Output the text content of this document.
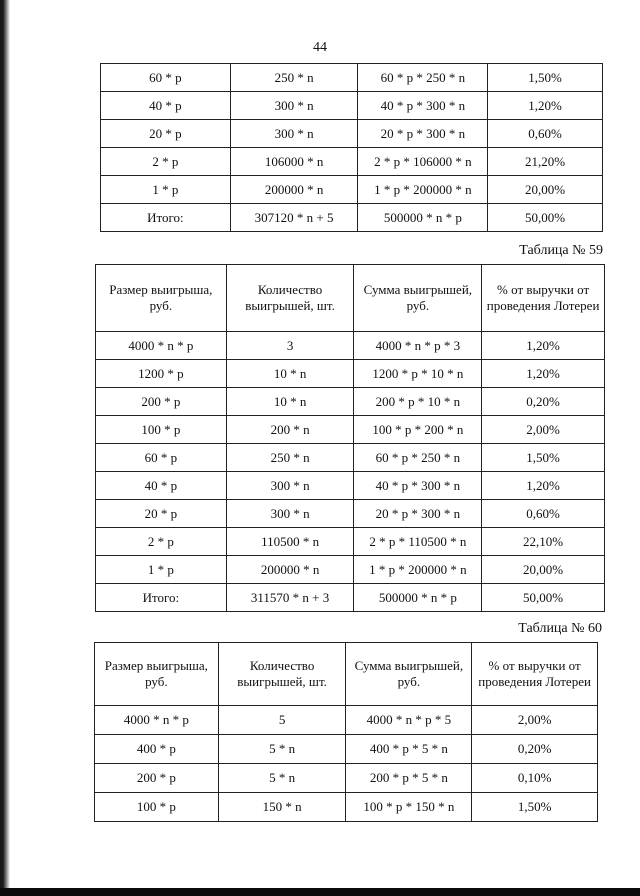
44
60 * р	250 * n	60 * р * 250 * n	1,50%
40 * р	300 * n	40 * р * 300 * n	1,20%
20 * р	300 * n	20 * р * 300 * n	0,60%
2 * р	106000 * n	2 * р * 106000 * n	21,20%
1 * р	200000 * n	1 * р * 200000 * n	20,00%
Итого:	307120 * n + 5	500000 * n * р	50,00%
Таблица № 59
Размер выигрыша, руб.	Количество выигрышей, шт.	Сумма выигрышей, руб.	% от выручки от проведения Лотереи
4000 * n * р	3	4000 * n * р * 3	1,20%
1200 * р	10 * n	1200 * р * 10 * n	1,20%
200 * р	10 * n	200 * р * 10 * n	0,20%
100 * р	200 * n	100 * р * 200 * n	2,00%
60 * р	250 * n	60 * р * 250 * n	1,50%
40 * р	300 * n	40 * р * 300 * n	1,20%
20 * р	300 * n	20 * р * 300 * n	0,60%
2 * р	110500 * n	2 * р * 110500 * n	22,10%
1 * р	200000 * n	1 * р * 200000 * n	20,00%
Итого:	311570 * n + 3	500000 * n * р	50,00%
Таблица № 60
Размер выигрыша, руб.	Количество выигрышей, шт.	Сумма выигрышей, руб.	% от выручки от проведения Лотереи
4000 * n * р	5	4000 * n * р * 5	2,00%
400 * р	5 * n	400 * р * 5 * n	0,20%
200 * р	5 * n	200 * р * 5 * n	0,10%
100 * р	150 * n	100 * р * 150 * n	1,50%
